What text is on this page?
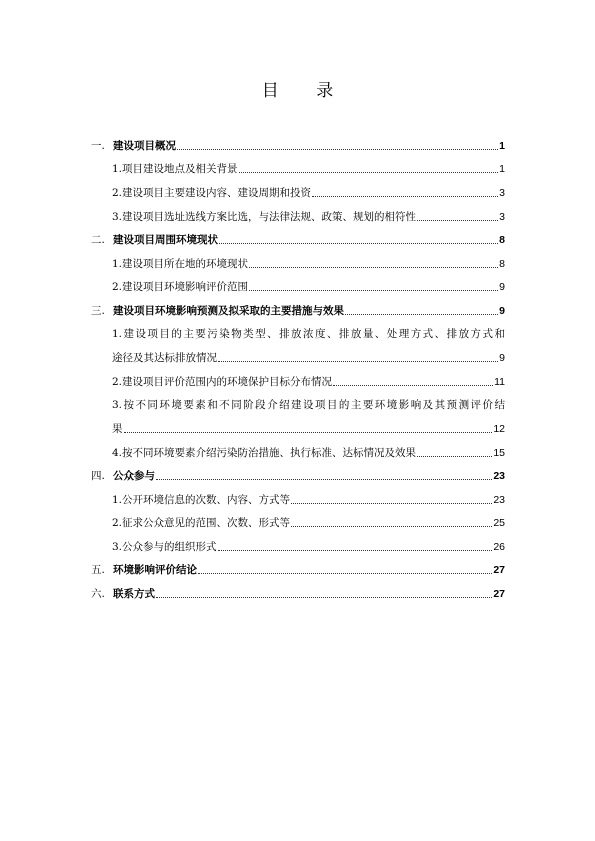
目 录
一. 建设项目概况	1
1.项目建设地点及相关背景	1
2.建设项目主要建设内容、建设周期和投资	3
3.建设项目选址选线方案比选，与法律法规、政策、规划的相符性	3
二. 建设项目周围环境现状	8
1.建设项目所在地的环境现状	8
2.建设项目环境影响评价范围	9
三. 建设项目环境影响预测及拟采取的主要措施与效果	9
1.建设项目的主要污染物类型、排放浓度、排放量、处理方式、排放方式和
途径及其达标排放情况	9
2.建设项目评价范围内的环境保护目标分布情况	11
3.按不同环境要素和不同阶段介绍建设项目的主要环境影响及其预测评价结
果	12
4.按不同环境要素介绍污染防治措施、执行标准、达标情况及效果	15
四. 公众参与	23
1.公开环境信息的次数、内容、方式等	23
2.征求公众意见的范围、次数、形式等	25
3.公众参与的组织形式	26
五. 环境影响评价结论	27
六. 联系方式	27
